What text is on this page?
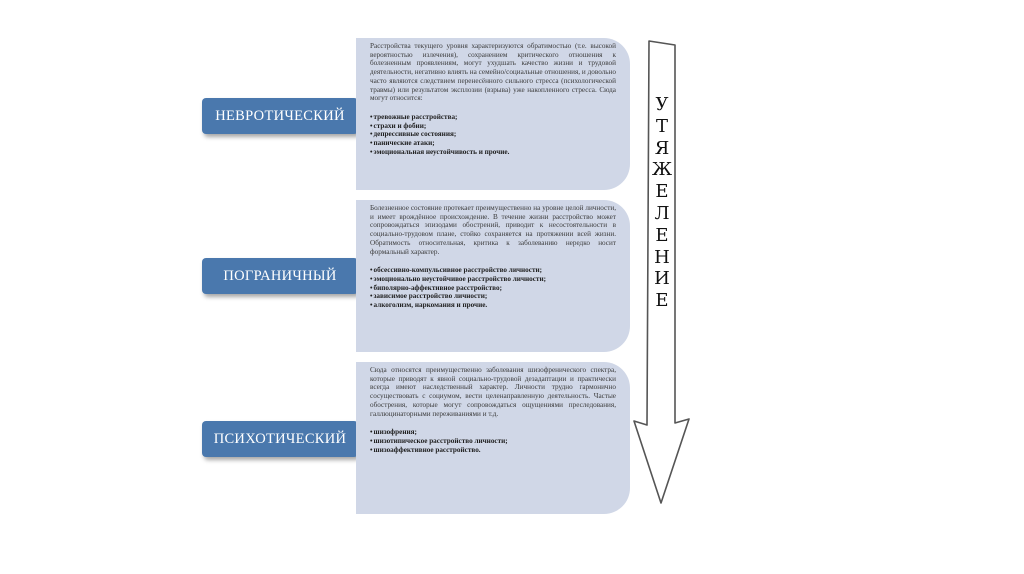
НЕВРОТИЧЕСКИЙ

Расстройства текущего уровня характеризуются обратимостью (т.е. высокой вероятностью излечения), сохранением критического отношения к болезненным проявлениям, могут ухудшать качество жизни и трудовой деятельности, негативно влиять на семейно/социальные отношения, и довольно часто являются следствием перенесённого сильного стресса (психологической травмы) или результатом эксплозии (взрыва) уже накопленного стресса. Сюда могут относится:

• тревожные расстройства;
• страхи и фобии;
• депрессивные состояния;
• панические атаки;
• эмоциональная неустойчивость и прочие.
ПОГРАНИЧНЫЙ

Болезненное состояние протекает преимущественно на уровне целой личности, и имеет врождённое происхождение. В течение жизни расстройство может сопровождаться эпизодами обострений, приводит к несостоятельности в социально-трудовом плане, стойко сохраняется на протяжении всей жизни. Обратимость относительная, критика к заболеванию нередко носит формальный характер.

• обсессивно-компульсивное расстройство личности;
• эмоционально неустойчивое расстройство личности;
• биполярно-аффективное расстройство;
• зависимое расстройство личности;
• алкоголизм, наркомания и прочие.
ПСИХОТИЧЕСКИЙ

Сюда относятся преимущественно заболевания шизофренического спектра, которые приводят к явной социально-трудовой дезадаптации и практически всегда имеют наследственный характер. Личности трудно гармонично сосуществовать с социумом, вести целенаправленную деятельность. Частые обострения, которые могут сопровождаться ощущениями преследования, галлюцинаторными переживаниями и т.д.

• шизофрения;
• шизотипическое расстройство личности;
• шизоаффективное расстройство.
У
Т
Я
Ж
Е
Л
Е
Н
И
Е
